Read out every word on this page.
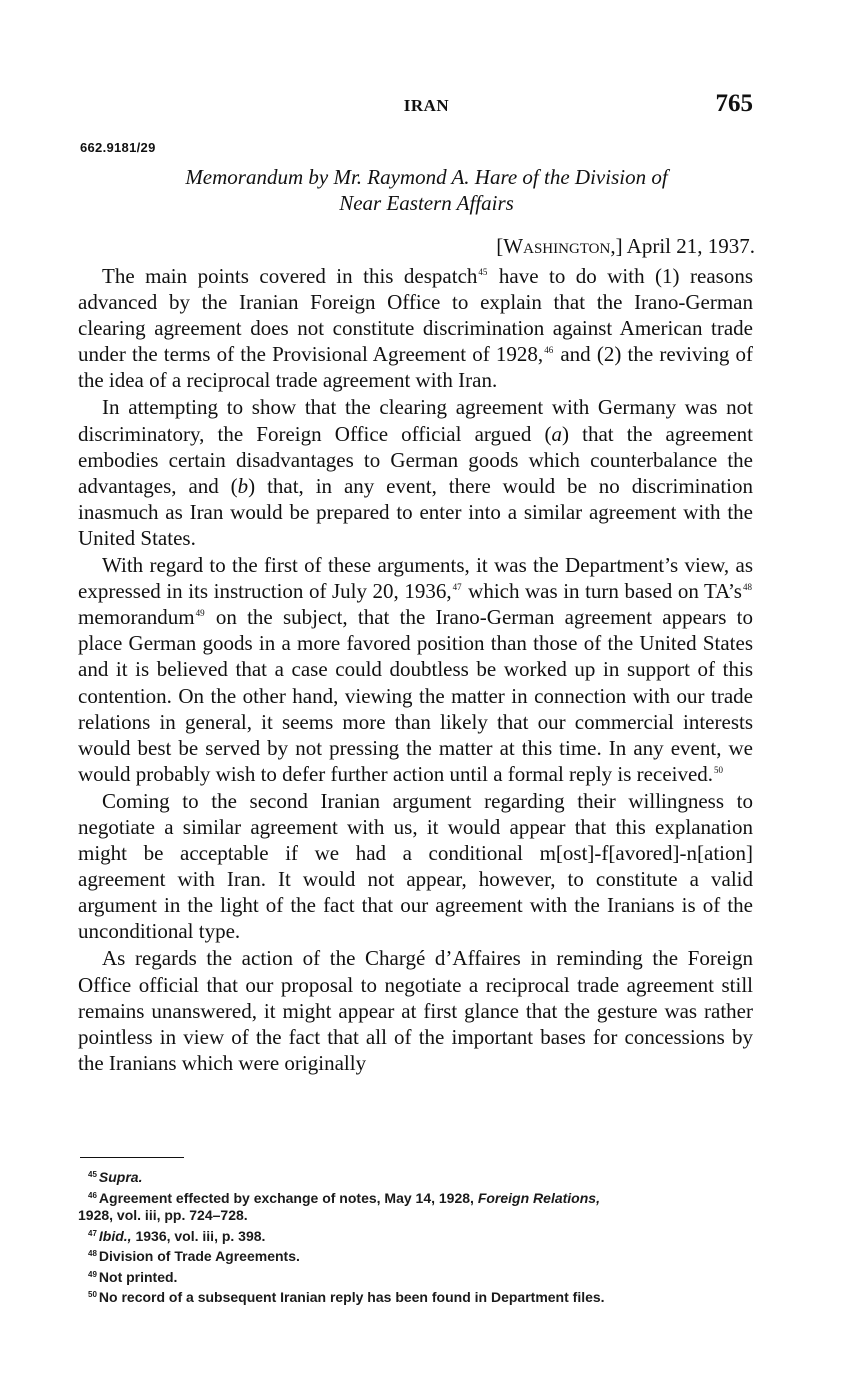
IRAN	765
662.9181/29
Memorandum by Mr. Raymond A. Hare of the Division of
Near Eastern Affairs
[Washington,] April 21, 1937.

The main points covered in this despatch$^{45}$ have to do with (1) reasons advanced by the Iranian Foreign Office to explain that the Irano-German clearing agreement does not constitute discrimination against American trade under the terms of the Provisional Agreement of 1928,46 and (2) the reviving of the idea of a reciprocal trade agreement with Iran.

In attempting to show that the clearing agreement with Germany was not discriminatory, the Foreign Office official argued (a) that the agreement embodies certain disadvantages to German goods which counterbalance the advantages, and (b) that, in any event, there would be no discrimination inasmuch as Iran would be prepared to enter into a similar agreement with the United States.

With regard to the first of these arguments, it was the Department’s view, as expressed in its instruction of July 20, 1936,47 which was in turn based on $TA’s^{48}$ memorandum$^{49}$ on the subject, that the Irano-German agreement appears to place German goods in a more favored position than those of the United States and it is believed that a case could doubtless be worked up in support of this contention. On the other hand, viewing the matter in connection with our trade relations in general, it seems more than likely that our commercial interests would best be served by not pressing the matter at this time. In any event, we would probably wish to defer further action until a formal reply is received.$^{50}$

Coming to the second Iranian argument regarding their willingness to negotiate a similar agreement with us, it would appear that this explanation might be acceptable if we had a conditional m[ost]-f[avored]-n[ation] agreement with Iran. It would not appear, however, to constitute a valid argument in the light of the fact that our agreement with the Iranians is of the unconditional type.

As regards the action of the Chargé d’Affaires in reminding the Foreign Office official that our proposal to negotiate a reciprocal trade agreement still remains unanswered, it might appear at first glance that the gesture was rather pointless in view of the fact that all of the important bases for concessions by the Iranians which were originally

$^{45}$ Supra.
$^{46}$ Agreement effected by exchange of notes, May 14, 1928, Foreign Relations,
1928, vol. iii, pp. 724–728.
$^{47}$ Ibid., 1936, vol. iii, p. 398.
$^{48}$ Division of Trade Agreements.
$^{49}$ Not printed.
$^{50}$ No record of a subsequent Iranian reply has been found in Department files.
